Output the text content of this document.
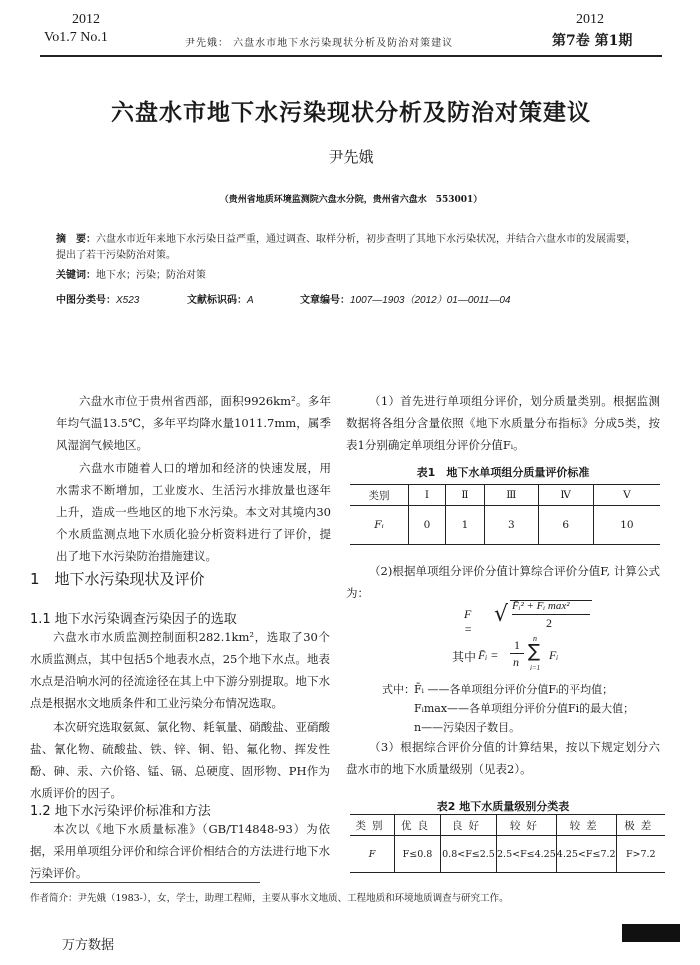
2012
Vo1.7 No.1	尹先娥： 六盘水市地下水污染现状分析及防治对策建议
2012
第7卷 第1期
六盘水市地下水污染现状分析及防治对策建议
尹先娥
（贵州省地质环境监测院六盘水分院，贵州省六盘水　553001）
摘　要：六盘水市近年来地下水污染日益严重，通过调查、取样分析，初步查明了其地下水污染状况，并结合六盘水市的发展需要，提出了若干污染防治对策。
关键词：地下水；污染；防治对策
中图分类号：X523	文献标识码：A	文章编号：1007—1903（2012）01—0011—04
六盘水市位于贵州省西部，面积9926km²。多年年均气温13.5℃，多年平均降水量1011.7mm，属季风湿润气候地区。
六盘水市随着人口的增加和经济的快速发展，用水需求不断增加，工业废水、生活污水排放量也逐年上升，造成一些地区的地下水污染。本文对其境内30个水质监测点地下水质化验分析资料进行了评价，提出了地下水污染防治措施建议。
1　地下水污染现状及评价
1.1 地下水污染调查污染因子的选取
六盘水市水质监测控制面积282.1km²，选取了30个水质监测点，其中包括5个地表水点，25个地下水点。地表水点是沿响水河的径流途径在其上中下游分别提取。地下水点是根据水文地质条件和工业污染分布情况选取。
本次研究选取氨氮、氯化物、耗氧量、硝酸盐、亚硝酸盐、氰化物、硫酸盐、铁、锌、铜、铅、氟化物、挥发性酚、砷、汞、六价铬、锰、镉、总硬度、固形物、PH作为水质评价的因子。
1.2 地下水污染评价标准和方法
本次以《地下水质量标准》（GB/T14848-93）为依据，采用单项组分评价和综合评价相结合的方法进行地下水污染评价。
（1）首先进行单项组分评价，划分质量类别。根据监测数据将各组分含量依照《地下水质量分布指标》分成5类，按表1分别确定单项组分评价分值Fᵢ。
表1　地下水单项组分质量评价标准
类别	Ⅰ	Ⅱ	Ⅲ	Ⅳ	Ⅴ
Fᵢ	0	1	3	6	10
（2)根据单项组分评价分值计算综合评价分值F, 计算公式为：
F =
√ F̄ᵢ² + Fᵢ max²
2
其中 F̄ᵢ =
1
n
n
∑
i=1
Fᵢ
式中： F̄ᵢ ——各单项组分评价分值Fᵢ的平均值；
Fᵢmax——各单项组分评价分值Fi的最大值；
n——污染因子数目。
（3）根据综合评价分值的计算结果，按以下规定划分六盘水市的地下水质量级别（见表2）。
表2 地下水质量级别分类表
类别	优良	良好	较好	较差	极差
F	F≤0.8	0.8<F≤2.5	2.5<F≤4.25	4.25<F≤7.2	F>7.2
作者简介：尹先娥（1983-），女，学士，助理工程师，主要从事水文地质、工程地质和环境地质调查与研究工作。
万方数据
